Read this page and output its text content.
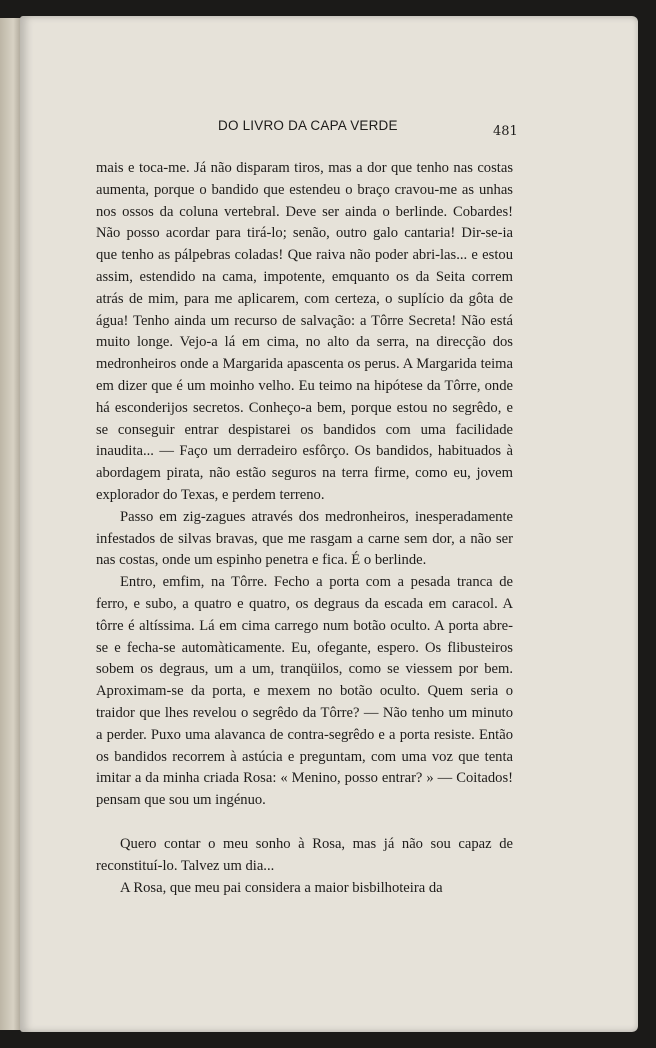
DO LIVRO DA CAPA VERDE	481

mais e toca-me. Já não disparam tiros, mas a dor que tenho nas costas aumenta, porque o bandido que estendeu o braço cravou-me as unhas nos ossos da coluna vertebral. Deve ser ainda o berlinde. Cobardes! Não posso acordar para tirá-lo; senão, outro galo cantaria! Dir-se-ia que tenho as pálpebras coladas! Que raiva não poder abri-las... e estou assim, estendido na cama, impotente, emquanto os da Seita correm atrás de mim, para me aplicarem, com certeza, o suplício da gôta de água! Tenho ainda um recurso de salvação: a Tôrre Secreta! Não está muito longe. Vejo-a lá em cima, no alto da serra, na direcção dos medronheiros onde a Margarida apascenta os perus. A Margarida teima em dizer que é um moinho velho. Eu teimo na hipótese da Tôrre, onde há esconderijos secretos. Conheço-a bem, porque estou no segrêdo, e se conseguir entrar despistarei os bandidos com uma facilidade inaudita... — Faço um derradeiro esfôrço. Os bandidos, habituados à abordagem pirata, não estão seguros na terra firme, como eu, jovem explorador do Texas, e perdem terreno.

Passo em zig-zagues através dos medronheiros, inesperadamente infestados de silvas bravas, que me rasgam a carne sem dor, a não ser nas costas, onde um espinho penetra e fica. É o berlinde.

Entro, emfim, na Tôrre. Fecho a porta com a pesada tranca de ferro, e subo, a quatro e quatro, os degraus da escada em caracol. A tôrre é altíssima. Lá em cima carrego num botão oculto. A porta abre-se e fecha-se automàticamente. Eu, ofegante, espero. Os flibusteiros sobem os degraus, um a um, tranqüilos, como se viessem por bem. Aproximam-se da porta, e mexem no botão oculto. Quem seria o traidor que lhes revelou o segrêdo da Tôrre? — Não tenho um minuto a perder. Puxo uma alavanca de contra-segrêdo e a porta resiste. Então os bandidos recorrem à astúcia e preguntam, com uma voz que tenta imitar a da minha criada Rosa: « Menino, posso entrar? » — Coitados! pensam que sou um ingénuo.

Quero contar o meu sonho à Rosa, mas já não sou capaz de reconstituí-lo. Talvez um dia...

A Rosa, que meu pai considera a maior bisbilhoteira da
